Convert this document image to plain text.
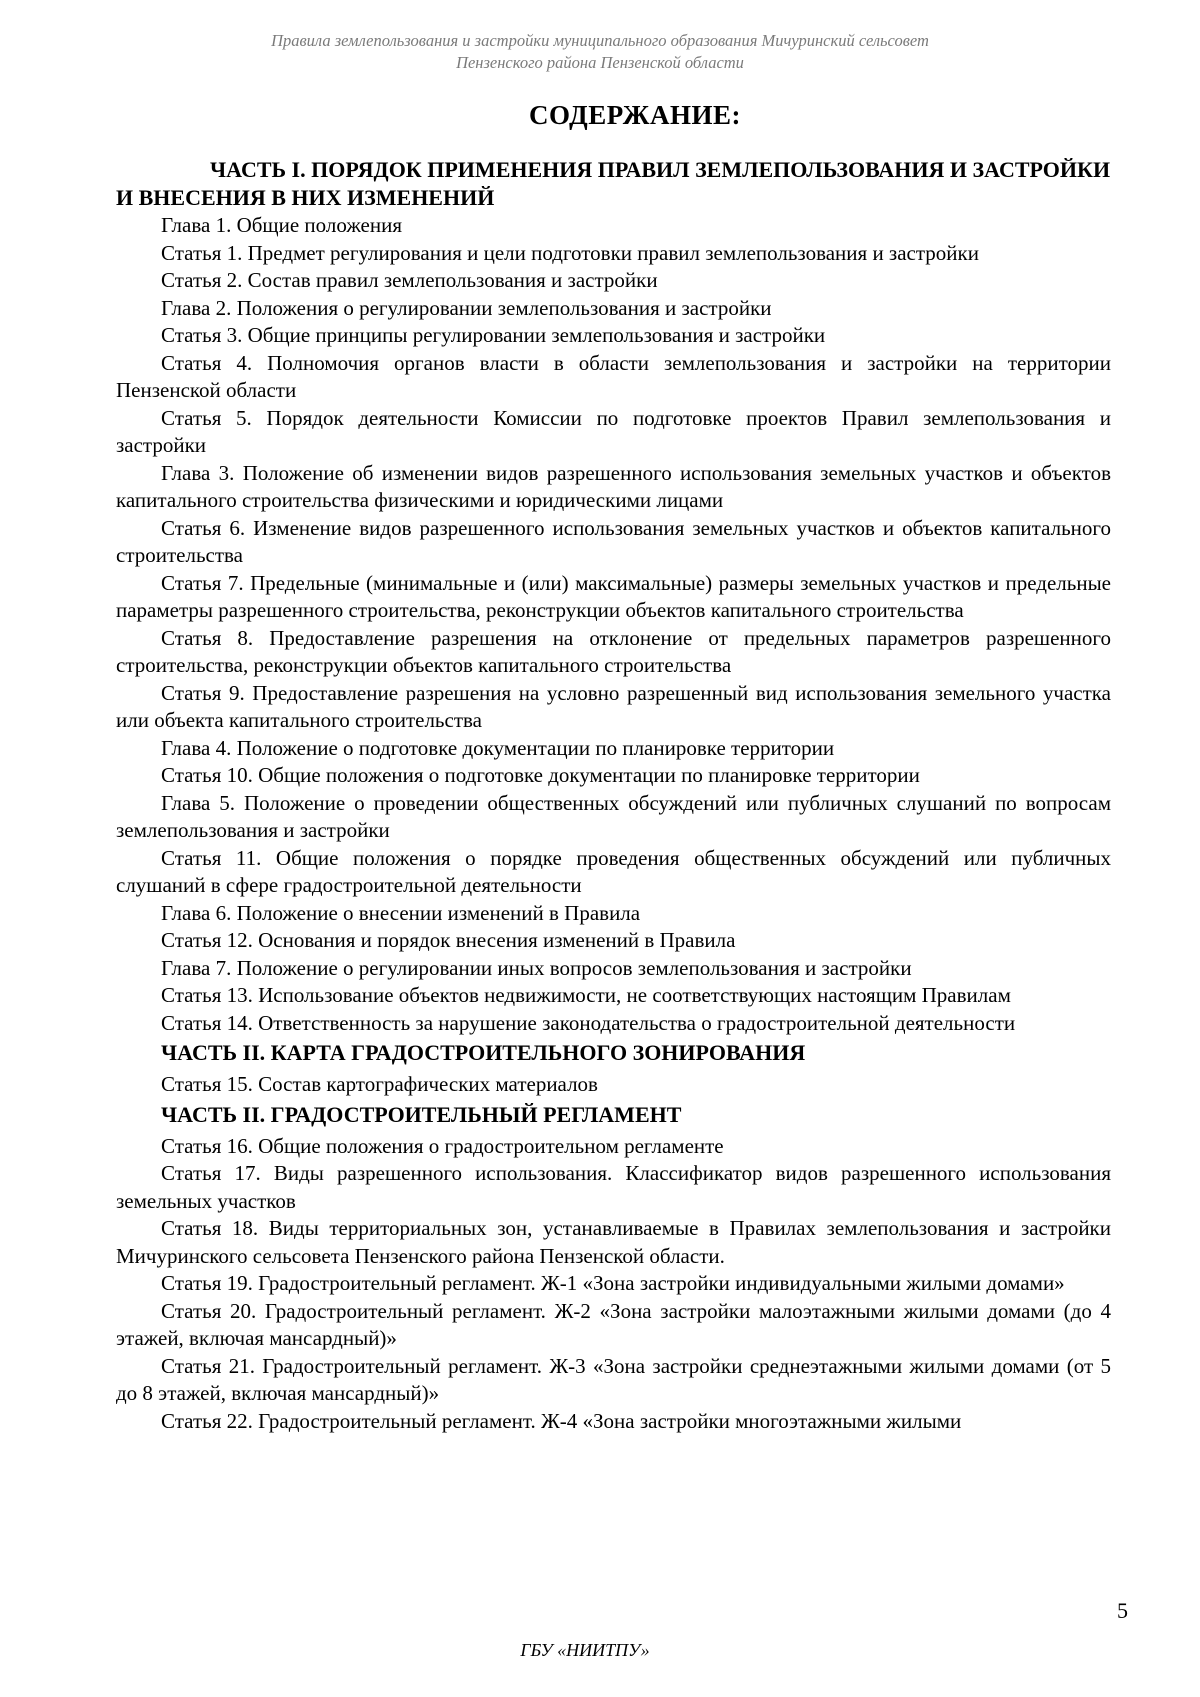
Правила землепользования и застройки муниципального образования Мичуринский сельсовет
Пензенского района Пензенской области
СОДЕРЖАНИЕ:
ЧАСТЬ I. ПОРЯДОК ПРИМЕНЕНИЯ ПРАВИЛ ЗЕМЛЕПОЛЬЗОВАНИЯ И ЗАСТРОЙКИ И ВНЕСЕНИЯ В НИХ ИЗМЕНЕНИЙ
Глава 1. Общие положения
Статья 1. Предмет регулирования и цели подготовки правил землепользования и застройки
Статья 2. Состав правил землепользования и застройки
Глава 2. Положения о регулировании землепользования и застройки
Статья 3. Общие принципы регулировании землепользования и застройки
Статья 4. Полномочия органов власти в области землепользования и застройки на территории Пензенской области
Статья 5. Порядок деятельности Комиссии по подготовке проектов Правил землепользования и застройки
Глава 3. Положение об изменении видов разрешенного использования земельных участков и объектов капитального строительства физическими и юридическими лицами
Статья 6. Изменение видов разрешенного использования земельных участков и объектов капитального строительства
Статья 7. Предельные (минимальные и (или) максимальные) размеры земельных участков и предельные параметры разрешенного строительства, реконструкции объектов капитального строительства
Статья 8. Предоставление разрешения на отклонение от предельных параметров разрешенного строительства, реконструкции объектов капитального строительства
Статья 9. Предоставление разрешения на условно разрешенный вид использования земельного участка или объекта капитального строительства
Глава 4. Положение о подготовке документации по планировке территории
Статья 10. Общие положения о подготовке документации по планировке территории
Глава 5. Положение о проведении общественных обсуждений или публичных слушаний по вопросам землепользования и застройки
Статья 11. Общие положения о порядке проведения общественных обсуждений или публичных слушаний в сфере градостроительной деятельности
Глава 6. Положение о внесении изменений в Правила
Статья 12. Основания и порядок внесения изменений в Правила
Глава 7. Положение о регулировании иных вопросов землепользования и застройки
Статья 13. Использование объектов недвижимости, не соответствующих настоящим Правилам
Статья 14. Ответственность за нарушение законодательства о градостроительной деятельности
ЧАСТЬ II. КАРТА ГРАДОСТРОИТЕЛЬНОГО ЗОНИРОВАНИЯ
Статья 15. Состав картографических материалов
ЧАСТЬ II. ГРАДОСТРОИТЕЛЬНЫЙ РЕГЛАМЕНТ
Статья 16. Общие положения о градостроительном регламенте
Статья 17. Виды разрешенного использования. Классификатор видов разрешенного использования земельных участков
Статья 18. Виды территориальных зон, устанавливаемые в Правилах землепользования и застройки Мичуринского сельсовета Пензенского района Пензенской области.
Статья 19. Градостроительный регламент. Ж-1 «Зона застройки индивидуальными жилыми домами»
Статья 20. Градостроительный регламент. Ж-2 «Зона застройки малоэтажными жилыми домами (до 4 этажей, включая мансардный)»
Статья 21. Градостроительный регламент. Ж-3 «Зона застройки среднеэтажными жилыми домами (от 5 до 8 этажей, включая мансардный)»
Статья 22. Градостроительный регламент. Ж-4 «Зона застройки многоэтажными жилыми
5
ГБУ «НИИТПУ»
